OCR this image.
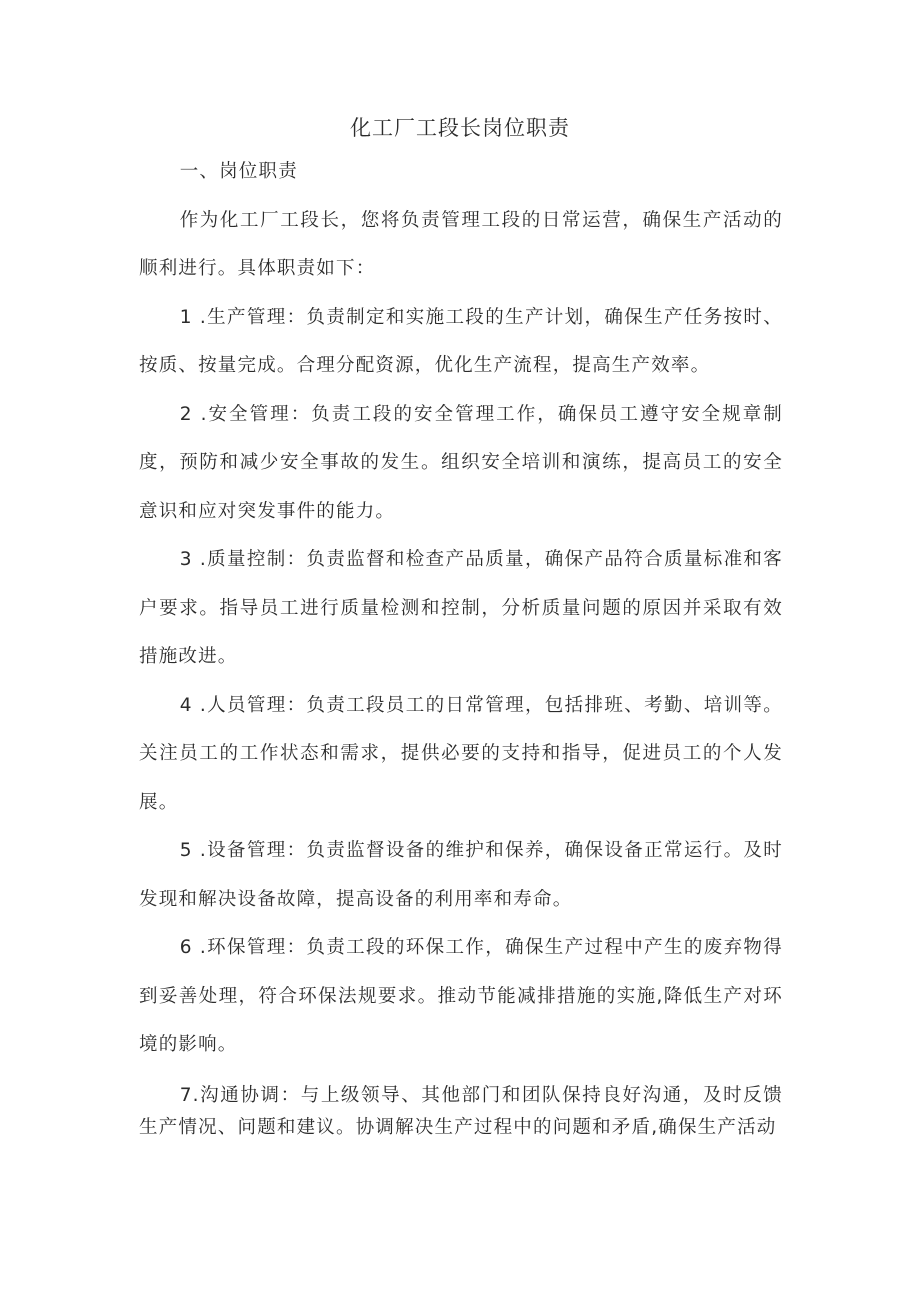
化工厂工段长岗位职责

一、岗位职责

作为化工厂工段长，您将负责管理工段的日常运营，确保生产活动的顺利进行。具体职责如下：

1 .生产管理：负责制定和实施工段的生产计划，确保生产任务按时、按质、按量完成。合理分配资源，优化生产流程，提高生产效率。

2 .安全管理：负责工段的安全管理工作，确保员工遵守安全规章制度，预防和减少安全事故的发生。组织安全培训和演练，提高员工的安全意识和应对突发事件的能力。

3 .质量控制：负责监督和检查产品质量，确保产品符合质量标准和客户要求。指导员工进行质量检测和控制，分析质量问题的原因并采取有效措施改进。

4 .人员管理：负责工段员工的日常管理，包括排班、考勤、培训等。关注员工的工作状态和需求，提供必要的支持和指导，促进员工的个人发展。

5 .设备管理：负责监督设备的维护和保养，确保设备正常运行。及时发现和解决设备故障，提高设备的利用率和寿命。

6 .环保管理：负责工段的环保工作，确保生产过程中产生的废弃物得到妥善处理，符合环保法规要求。推动节能减排措施的实施,降低生产对环境的影响。

7.沟通协调：与上级领导、其他部门和团队保持良好沟通，及时反馈生产情况、问题和建议。协调解决生产过程中的问题和矛盾,确保生产活动
